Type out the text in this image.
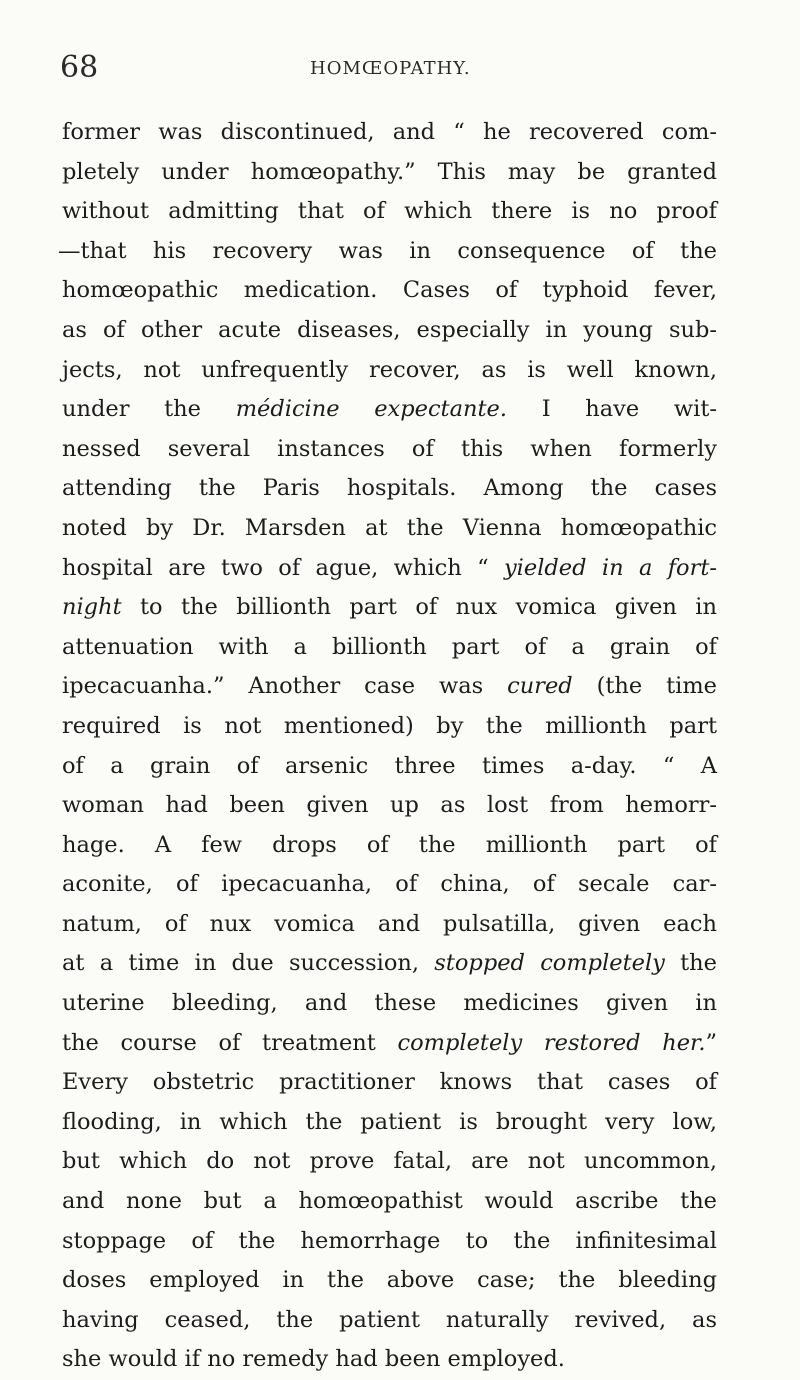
68	HOMŒOPATHY.
former was discontinued, and “ he recovered com-
pletely under homœopathy.” This may be granted
without admitting that of which there is no proof
—that his recovery was in consequence of the
homœopathic medication. Cases of typhoid fever,
as of other acute diseases, especially in young sub-
jects, not unfrequently recover, as is well known,
under the médicine expectante. I have wit-
nessed several instances of this when formerly
attending the Paris hospitals. Among the cases
noted by Dr. Marsden at the Vienna homœopathic
hospital are two of ague, which “ yielded in a fort-
night to the billionth part of nux vomica given in
attenuation with a billionth part of a grain of
ipecacuanha.” Another case was cured (the time
required is not mentioned) by the millionth part
of a grain of arsenic three times a-day. “ A
woman had been given up as lost from hemorr-
hage. A few drops of the millionth part of
aconite, of ipecacuanha, of china, of secale car-
natum, of nux vomica and pulsatilla, given each
at a time in due succession, stopped completely the
uterine bleeding, and these medicines given in
the course of treatment completely restored her.”
Every obstetric practitioner knows that cases of
flooding, in which the patient is brought very low,
but which do not prove fatal, are not uncommon,
and none but a homœopathist would ascribe the
stoppage of the hemorrhage to the infinitesimal
doses employed in the above case; the bleeding
having ceased, the patient naturally revived, as
she would if no remedy had been employed.
